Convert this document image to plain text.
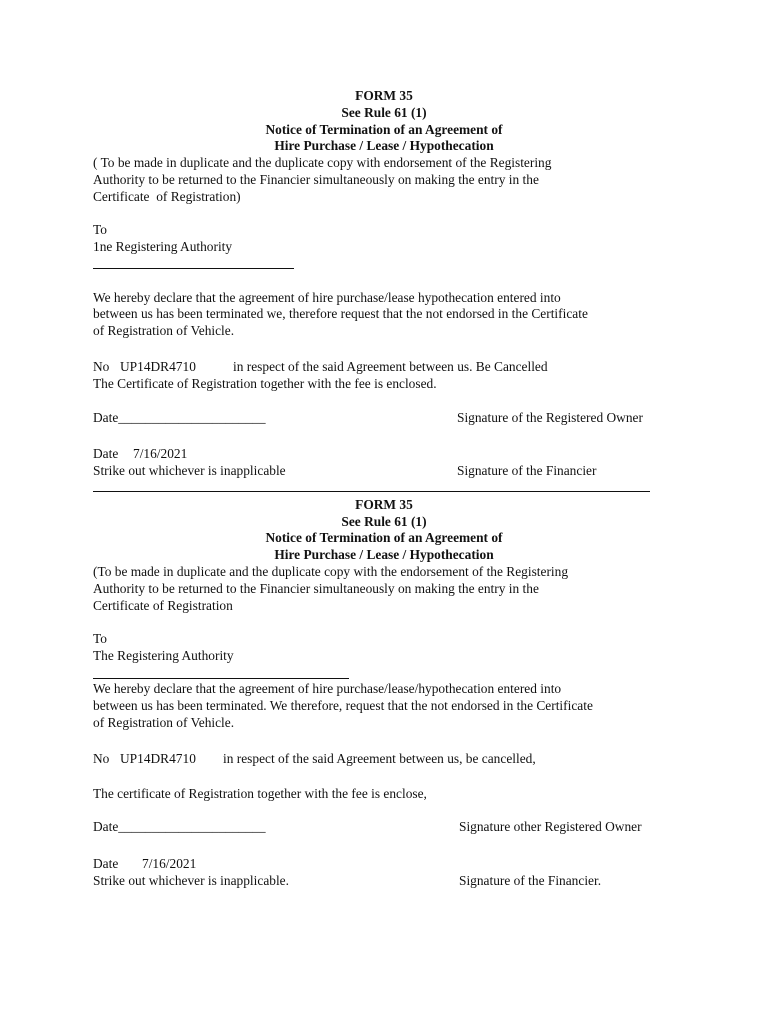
FORM 35
See Rule 61 (1)
Notice of Termination of an Agreement of
Hire Purchase / Lease / Hypothecation
( To be made in duplicate and the duplicate copy with endorsement of the Registering
Authority to be returned to the Financier simultaneously on making the entry in the
Certificate  of Registration)
To
1ne Registering Authority
We hereby declare that the agreement of hire purchase/lease hypothecation entered into
between us has been terminated we, therefore request that the not endorsed in the Certificate
of Registration of Vehicle.
No UP14DR4710	in respect of the said Agreement between us. Be Cancelled
The Certificate of Registration together with the fee is enclosed.
Date______________________	Signature of the Registered Owner
Date 7/16/2021
Strike out whichever is inapplicable	Signature of the Financier
FORM 35
See Rule 61 (1)
Notice of Termination of an Agreement of
Hire Purchase / Lease / Hypothecation
(To be made in duplicate and the duplicate copy with the endorsement of the Registering
Authority to be returned to the Financier simultaneously on making the entry in the
Certificate of Registration
To
The Registering Authority
We hereby declare that the agreement of hire purchase/lease/hypothecation entered into
between us has been terminated. We therefore, request that the not endorsed in the Certificate
of Registration of Vehicle.
No UP14DR4710 in respect of the said Agreement between us, be cancelled,
The certificate of Registration together with the fee is enclose,
Date______________________	Signature other Registered Owner
Date 7/16/2021
Strike out whichever is inapplicable.	Signature of the Financier.
